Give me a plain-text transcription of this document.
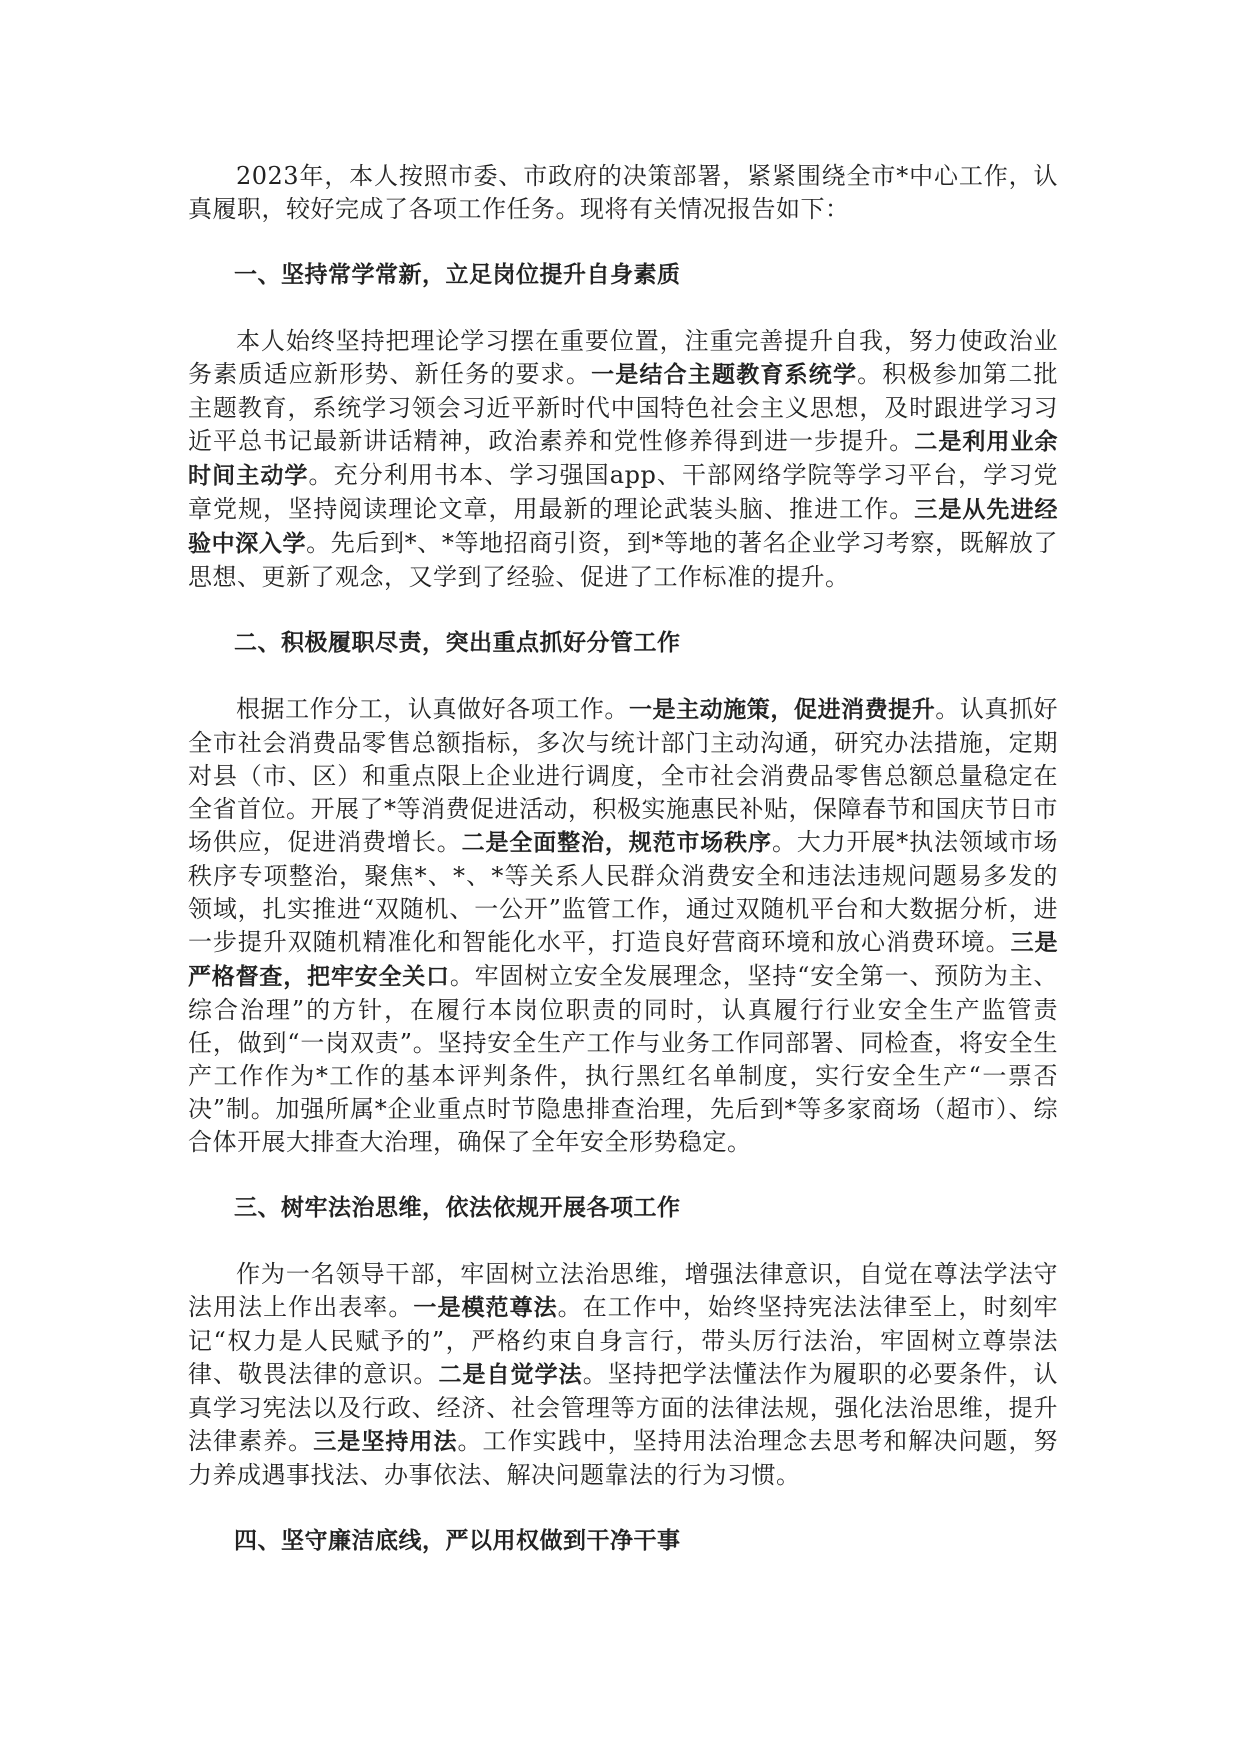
2023年，本人按照市委、市政府的决策部署，紧紧围绕全市*中心工作，认真履职，较好完成了各项工作任务。现将有关情况报告如下：

一、坚持常学常新，立足岗位提升自身素质

本人始终坚持把理论学习摆在重要位置，注重完善提升自我，努力使政治业务素质适应新形势、新任务的要求。一是结合主题教育系统学。积极参加第二批主题教育，系统学习领会习近平新时代中国特色社会主义思想，及时跟进学习习近平总书记最新讲话精神，政治素养和党性修养得到进一步提升。二是利用业余时间主动学。充分利用书本、学习强国app、干部网络学院等学习平台，学习党章党规，坚持阅读理论文章，用最新的理论武装头脑、推进工作。三是从先进经验中深入学。先后到*、*等地招商引资，到*等地的著名企业学习考察，既解放了思想、更新了观念，又学到了经验、促进了工作标准的提升。

二、积极履职尽责，突出重点抓好分管工作

根据工作分工，认真做好各项工作。一是主动施策，促进消费提升。认真抓好全市社会消费品零售总额指标，多次与统计部门主动沟通，研究办法措施，定期对县（市、区）和重点限上企业进行调度，全市社会消费品零售总额总量稳定在全省首位。开展了*等消费促进活动，积极实施惠民补贴，保障春节和国庆节日市场供应，促进消费增长。二是全面整治，规范市场秩序。大力开展*执法领域市场秩序专项整治，聚焦*、*、*等关系人民群众消费安全和违法违规问题易多发的领域，扎实推进“双随机、一公开”监管工作，通过双随机平台和大数据分析，进一步提升双随机精准化和智能化水平，打造良好营商环境和放心消费环境。三是严格督查，把牢安全关口。牢固树立安全发展理念，坚持“安全第一、预防为主、综合治理”的方针，在履行本岗位职责的同时，认真履行行业安全生产监管责任，做到“一岗双责”。坚持安全生产工作与业务工作同部署、同检查，将安全生产工作作为*工作的基本评判条件，执行黑红名单制度，实行安全生产“一票否决”制。加强所属*企业重点时节隐患排查治理，先后到*等多家商场（超市）、综合体开展大排查大治理，确保了全年安全形势稳定。

三、树牢法治思维，依法依规开展各项工作

作为一名领导干部，牢固树立法治思维，增强法律意识，自觉在尊法学法守法用法上作出表率。一是模范尊法。在工作中，始终坚持宪法法律至上，时刻牢记“权力是人民赋予的”，严格约束自身言行，带头厉行法治，牢固树立尊崇法律、敬畏法律的意识。二是自觉学法。坚持把学法懂法作为履职的必要条件，认真学习宪法以及行政、经济、社会管理等方面的法律法规，强化法治思维，提升法律素养。三是坚持用法。工作实践中，坚持用法治理念去思考和解决问题，努力养成遇事找法、办事依法、解决问题靠法的行为习惯。

四、坚守廉洁底线，严以用权做到干净干事
